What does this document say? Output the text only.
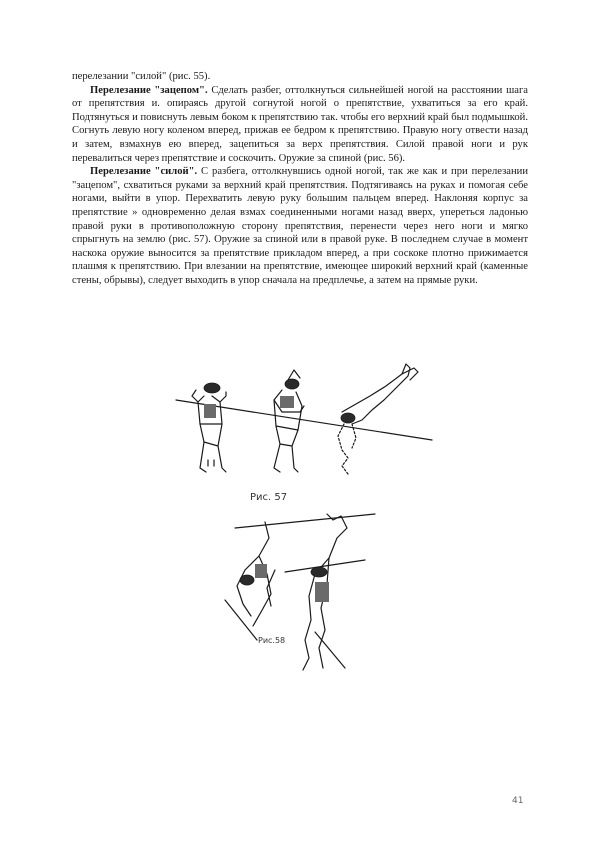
перелезании "силой" (рис. 55).

Перелезание "зацепом". Сделать разбег, оттолкнуться сильнейшей ногой на расстоянии шага от препятствия и. опираясь другой согнутой ногой о препятствие, ухватиться за его край. Подтянуться и повиснуть левым боком к препятствию так. чтобы его верхний край был подмышкой. Согнуть левую ногу коленом вперед, прижав ее бедром к препятствию. Правую ногу отвести назад и затем, взмахнув ею вперед, зацепиться за верх препятствия. Силой правой ноги и рук перевалиться через препятствие и соскочить. Оружие за спиной (рис. 56).

Перелезание "силой". С разбега, оттолкнувшись одной ногой, так же как и при перелезании "зацепом", схватиться руками за верхний край препятствия. Подтягиваясь на руках и помогая себе ногами, выйти в упор. Перехватить левую руку большим пальцем вперед. Наклоняя корпус за препятствие » одновременно делая взмах соединенными ногами назад вверх, упереться ладонью правой руки в противоположную сторону препятствия, перенести через него ноги и мягко спрыгнуть на землю (рис. 57). Оружие за спиной или в правой руке. В последнем случае в момент наскока оружие выносится за препятствие прикладом вперед, а при соскоке плотно прижимается плашмя к препятствию. При влезании на препятствие, имеющее широкий верхний край (каменные стены, обрывы), следует выходить в упор сначала на предплечье, а затем на прямые руки.

Рис. 57
Рис.58
41
